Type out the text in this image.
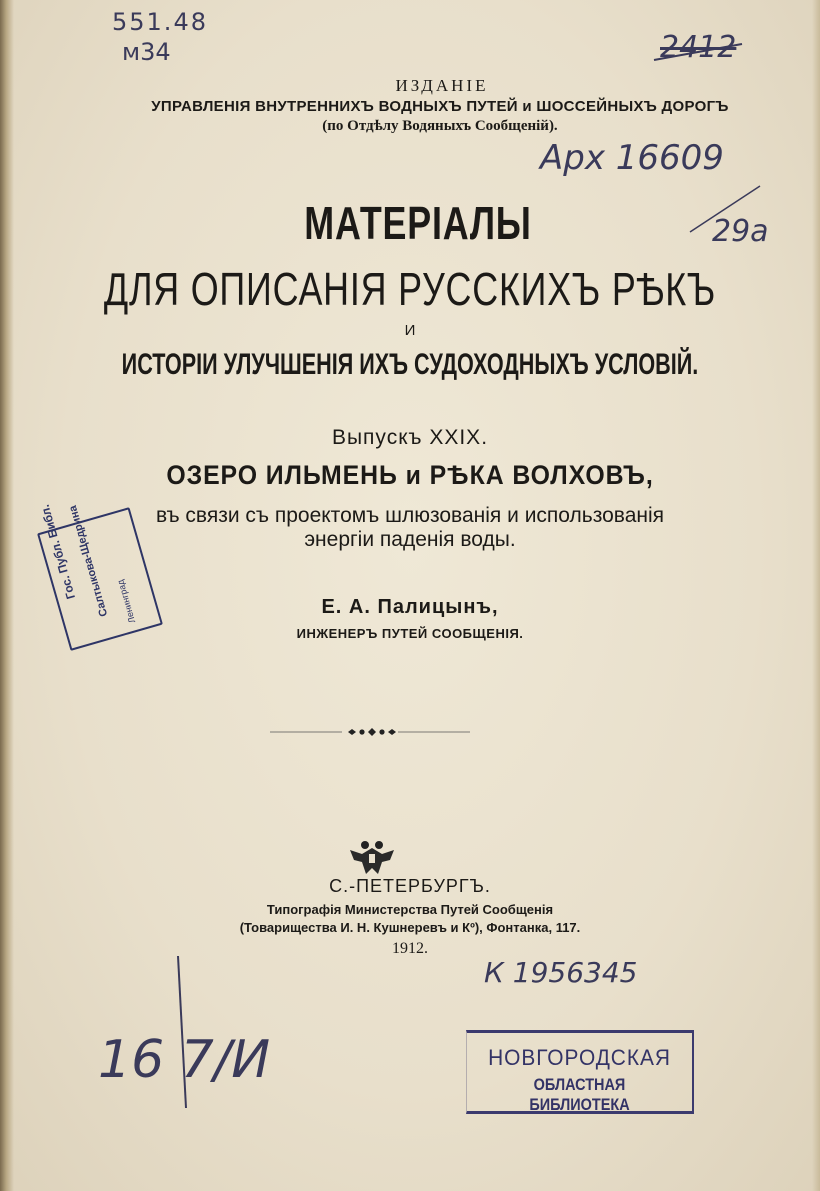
551.48
м34	2412
Арх 16609
29а
К 1956345
16 7/И
ИЗДАНІЕ
УПРАВЛЕНІЯ ВНУТРЕННИХЪ ВОДНЫХЪ ПУТЕЙ и ШОССЕЙНЫХЪ ДОРОГЪ
(по Отдѣлу Водяныхъ Сообщеній).
МАТЕРІАЛЫ
ДЛЯ ОПИСАНІЯ РУССКИХЪ РѢКЪ
И
ИСТОРІИ УЛУЧШЕНІЯ ИХЪ СУДОХОДНЫХЪ УСЛОВІЙ.
Выпускъ XXIX.
ОЗЕРО ИЛЬМЕНЬ и РѢКА ВОЛХОВЪ,
въ связи съ проектомъ шлюзованія и использованія
энергіи паденія воды.
Е. А. Палицынъ,
ИНЖЕНЕРЪ ПУТЕЙ СООБЩЕНІЯ.
С.-ПЕТЕРБУРГЪ.
Типографія Министерства Путей Сообщенія
(Товарищества И. Н. Кушнеревъ и Кº), Фонтанка, 117.
1912.
Гос. Публ. Библ.
Салтыкова-Щедрина Ленинград
НОВГОРОДСКАЯ
ОБЛАСТНАЯ БИБЛИОТЕКА
